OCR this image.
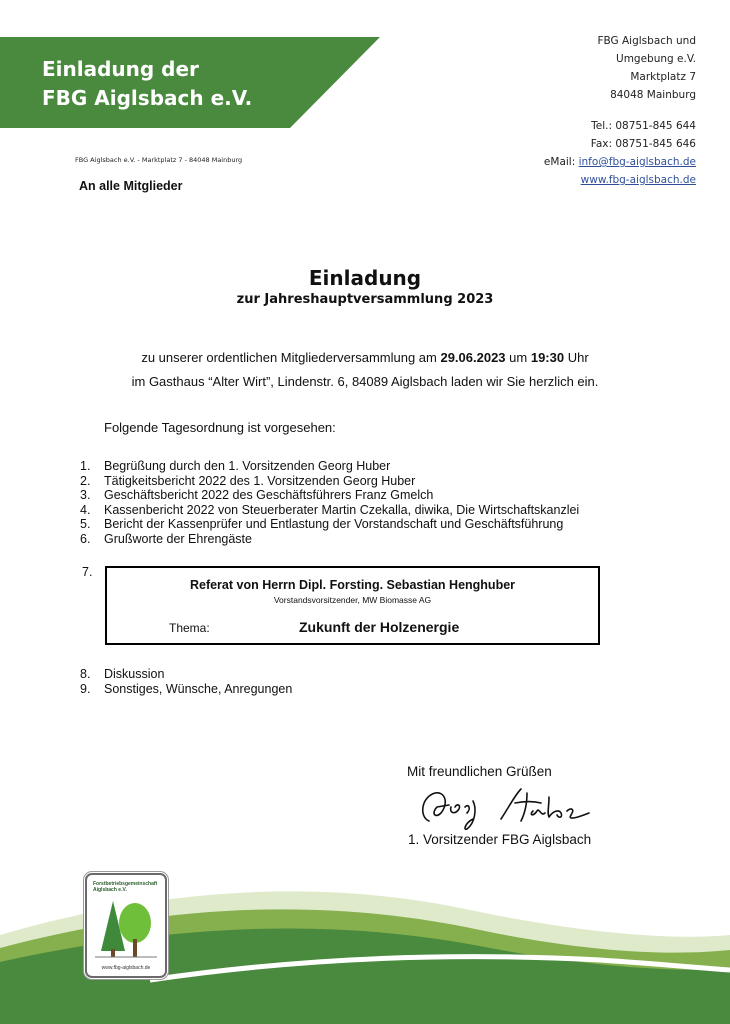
Einladung der
FBG Aiglsbach e.V.
FBG Aiglsbach und
Umgebung e.V.
Marktplatz 7
84048 Mainburg
Tel.: 08751-845 644
Fax: 08751-845 646
eMail: info@fbg-aiglsbach.de
www.fbg-aiglsbach.de
FBG Aiglsbach e.V. - Marktplatz 7 - 84048 Mainburg
An alle Mitglieder
Einladung
zur Jahreshauptversammlung 2023
zu unserer ordentlichen Mitgliederversammlung am 29.06.2023 um 19:30 Uhr
im Gasthaus “Alter Wirt”, Lindenstr. 6, 84089 Aiglsbach laden wir Sie herzlich ein.
Folgende Tagesordnung ist vorgesehen:
1.	Begrüßung durch den 1. Vorsitzenden Georg Huber
2.	Tätigkeitsbericht 2022 des 1. Vorsitzenden Georg Huber
3.	Geschäftsbericht 2022 des Geschäftsführers Franz Gmelch
4.	Kassenbericht 2022 von Steuerberater Martin Czekalla, diwika, Die Wirtschaftskanzlei
5.	Bericht der Kassenprüfer und Entlastung der Vorstandschaft und Geschäftsführung
6.	Grußworte der Ehrengäste
7.
Referat von Herrn Dipl. Forsting. Sebastian Henghuber
Vorstandsvorsitzender, MW Biomasse AG
Thema:	Zukunft der Holzenergie
8.	Diskussion
9.	Sonstiges, Wünsche, Anregungen
Mit freundlichen Grüßen
1. Vorsitzender FBG Aiglsbach
Forstbetriebsgemeinschaft
Aiglsbach e.V.
www.fbg-aiglsbach.de
